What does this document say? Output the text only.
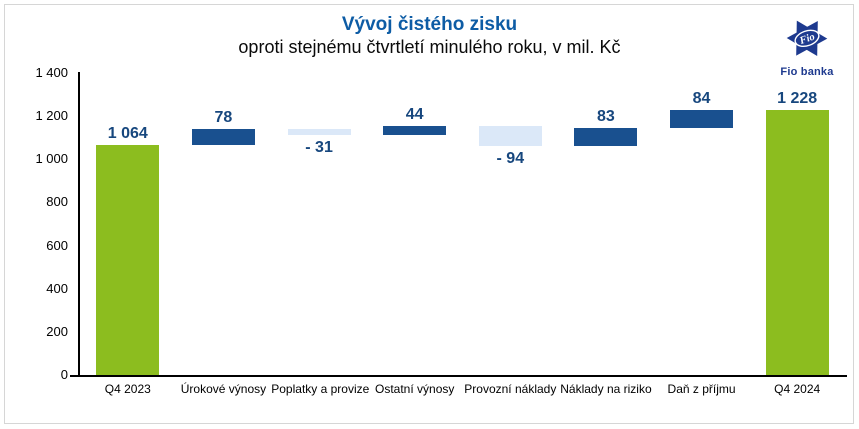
Vývoj čistého zisku
oproti stejnému čtvrtletí minulého roku, v mil. Kč	Fio
Fio banka
0
200
400
600
800
1 000
1 200
1 400
1 064
78
- 31
44
- 94
83
84	1 228
Q4 2023	Úrokové výnosy Poplatky a provize Ostatní výnosy Provozní náklady Náklady na riziko	Daň z příjmu	Q4 2024
